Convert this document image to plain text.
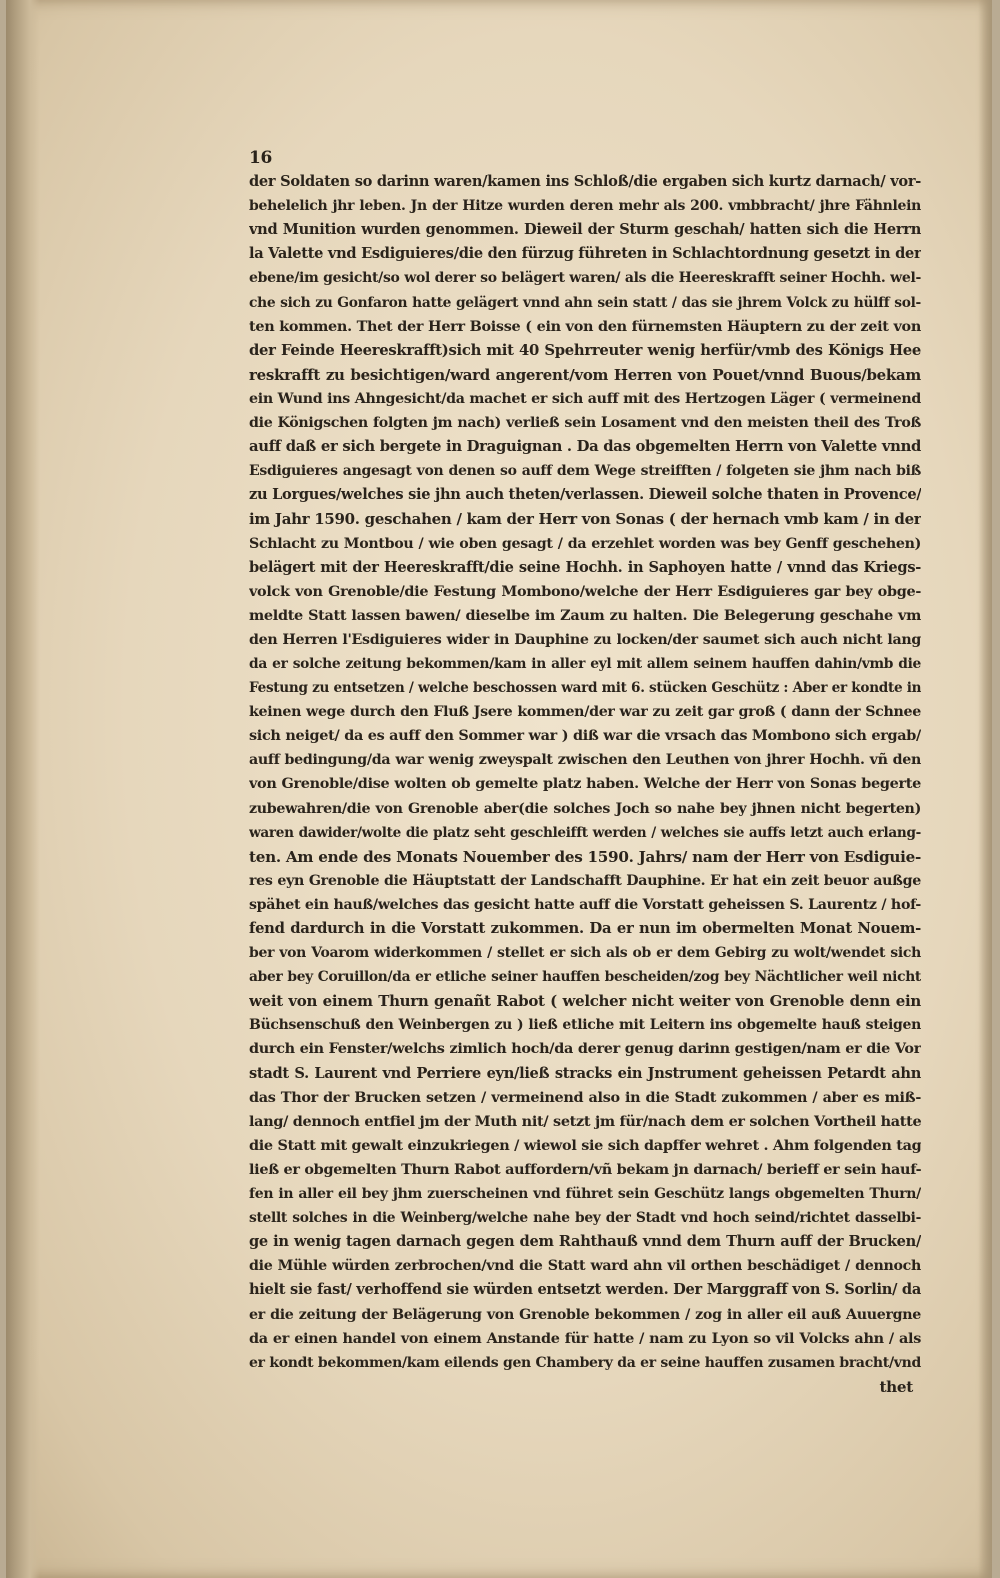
16
der Soldaten so darinn waren/kamen ins Schloß/die ergaben sich kurtz darnach/ vor-
behelelich jhr leben. Jn der Hitze wurden deren mehr als 200. vmbbracht/ jhre Fähnlein
vnd Munition wurden genommen. Dieweil der Sturm geschah/ hatten sich die Herrn
la Valette vnd Esdiguieres/die den fürzug führeten in Schlachtordnung gesetzt in der
ebene/im gesicht/so wol derer so belägert waren/ als die Heereskrafft seiner Hochh. wel-
che sich zu Gonfaron hatte gelägert vnnd ahn sein statt / das sie jhrem Volck zu hülff sol-
ten kommen. Thet der Herr Boisse ( ein von den fürnemsten Häuptern zu der zeit von
der Feinde Heereskrafft)sich mit 40 Spehrreuter wenig herfür/vmb des Königs Hee
reskrafft zu besichtigen/ward angerent/vom Herren von Pouet/vnnd Buous/bekam
ein Wund ins Ahngesicht/da machet er sich auff mit des Hertzogen Läger ( vermeinend
die Königschen folgten jm nach) verließ sein Losament vnd den meisten theil des Troß
auff daß er sich bergete in Draguignan . Da das obgemelten Herrn von Valette vnnd
Esdiguieres angesagt von denen so auff dem Wege streifften / folgeten sie jhm nach biß
zu Lorgues/welches sie jhn auch theten/verlassen. Dieweil solche thaten in Provence/
im Jahr 1590. geschahen / kam der Herr von Sonas ( der hernach vmb kam / in der
Schlacht zu Montbou / wie oben gesagt / da erzehlet worden was bey Genff geschehen)
belägert mit der Heereskrafft/die seine Hochh. in Saphoyen hatte / vnnd das Kriegs-
volck von Grenoble/die Festung Mombono/welche der Herr Esdiguieres gar bey obge-
meldte Statt lassen bawen/ dieselbe im Zaum zu halten. Die Belegerung geschahe vm
den Herren l'Esdiguieres wider in Dauphine zu locken/der saumet sich auch nicht lang
da er solche zeitung bekommen/kam in aller eyl mit allem seinem hauffen dahin/vmb die
Festung zu entsetzen / welche beschossen ward mit 6. stücken Geschütz : Aber er kondte in
keinen wege durch den Fluß Jsere kommen/der war zu zeit gar groß ( dann der Schnee
sich neiget/ da es auff den Sommer war ) diß war die vrsach das Mombono sich ergab/
auff bedingung/da war wenig zweyspalt zwischen den Leuthen von jhrer Hochh. vñ den
von Grenoble/dise wolten ob gemelte platz haben. Welche der Herr von Sonas begerte
zubewahren/die von Grenoble aber(die solches Joch so nahe bey jhnen nicht begerten)
waren dawider/wolte die platz seht geschleifft werden / welches sie auffs letzt auch erlang-
ten. Am ende des Monats Nouember des 1590. Jahrs/ nam der Herr von Esdiguie-
res eyn Grenoble die Häuptstatt der Landschafft Dauphine. Er hat ein zeit beuor außge
spähet ein hauß/welches das gesicht hatte auff die Vorstatt geheissen S. Laurentz / hof-
fend dardurch in die Vorstatt zukommen. Da er nun im obermelten Monat Nouem-
ber von Voarom widerkommen / stellet er sich als ob er dem Gebirg zu wolt/wendet sich
aber bey Coruillon/da er etliche seiner hauffen bescheiden/zog bey Nächtlicher weil nicht
weit von einem Thurn genañt Rabot ( welcher nicht weiter von Grenoble denn ein
Büchsenschuß den Weinbergen zu ) ließ etliche mit Leitern ins obgemelte hauß steigen
durch ein Fenster/welchs zimlich hoch/da derer genug darinn gestigen/nam er die Vor
stadt S. Laurent vnd Perriere eyn/ließ stracks ein Jnstrument geheissen Petardt ahn
das Thor der Brucken setzen / vermeinend also in die Stadt zukommen / aber es miß-
lang/ dennoch entfiel jm der Muth nit/ setzt jm für/nach dem er solchen Vortheil hatte
die Statt mit gewalt einzukriegen / wiewol sie sich dapffer wehret . Ahm folgenden tag
ließ er obgemelten Thurn Rabot auffordern/vñ bekam jn darnach/ berieff er sein hauf-
fen in aller eil bey jhm zuerscheinen vnd führet sein Geschütz langs obgemelten Thurn/
stellt solches in die Weinberg/welche nahe bey der Stadt vnd hoch seind/richtet dasselbi-
ge in wenig tagen darnach gegen dem Rahthauß vnnd dem Thurn auff der Brucken/
die Mühle würden zerbrochen/vnd die Statt ward ahn vil orthen beschädiget / dennoch
hielt sie fast/ verhoffend sie würden entsetzt werden. Der Marggraff von S. Sorlin/ da
er die zeitung der Belägerung von Grenoble bekommen / zog in aller eil auß Auuergne
da er einen handel von einem Anstande für hatte / nam zu Lyon so vil Volcks ahn / als
er kondt bekommen/kam eilends gen Chambery da er seine hauffen zusamen bracht/vnd
thet
